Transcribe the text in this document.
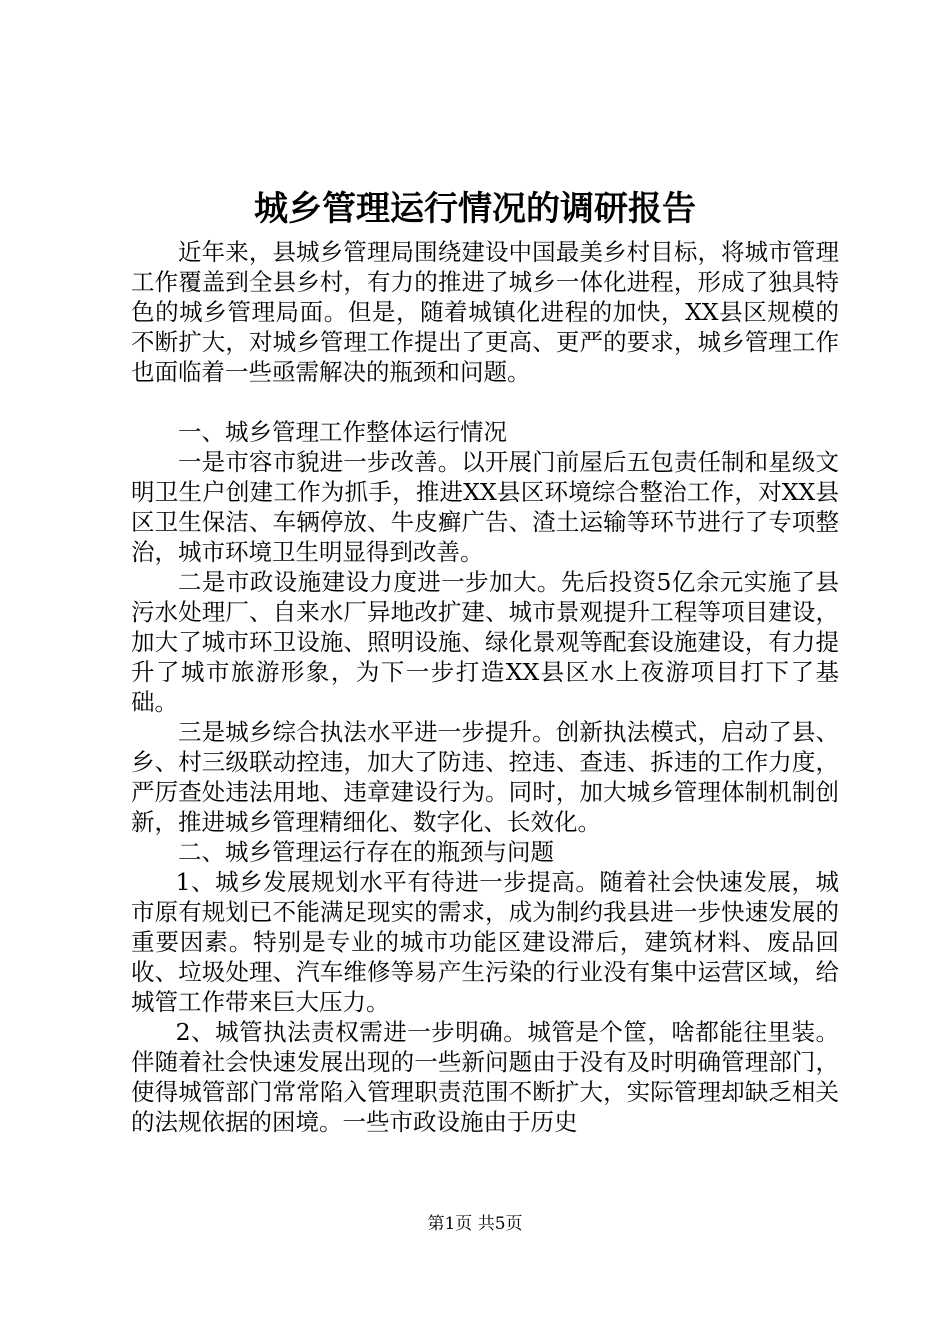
城乡管理运行情况的调研报告

近年来，县城乡管理局围绕建设中国最美乡村目标，将城市管理工作覆盖到全县乡村，有力的推进了城乡一体化进程，形成了独具特色的城乡管理局面。但是，随着城镇化进程的加快，XX县区规模的不断扩大，对城乡管理工作提出了更高、更严的要求，城乡管理工作也面临着一些亟需解决的瓶颈和问题。

一、城乡管理工作整体运行情况

一是市容市貌进一步改善。以开展门前屋后五包责任制和星级文明卫生户创建工作为抓手，推进XX县区环境综合整治工作，对XX县区卫生保洁、车辆停放、牛皮癣广告、渣土运输等环节进行了专项整治，城市环境卫生明显得到改善。

二是市政设施建设力度进一步加大。先后投资5亿余元实施了县污水处理厂、自来水厂异地改扩建、城市景观提升工程等项目建设，加大了城市环卫设施、照明设施、绿化景观等配套设施建设，有力提升了城市旅游形象，为下一步打造XX县区水上夜游项目打下了基础。

三是城乡综合执法水平进一步提升。创新执法模式，启动了县、乡、村三级联动控违，加大了防违、控违、查违、拆违的工作力度，严厉查处违法用地、违章建设行为。同时，加大城乡管理体制机制创新，推进城乡管理精细化、数字化、长效化。

二、城乡管理运行存在的瓶颈与问题

1、城乡发展规划水平有待进一步提高。随着社会快速发展，城市原有规划已不能满足现实的需求，成为制约我县进一步快速发展的重要因素。特别是专业的城市功能区建设滞后，建筑材料、废品回收、垃圾处理、汽车维修等易产生污染的行业没有集中运营区域，给城管工作带来巨大压力。

2、城管执法责权需进一步明确。城管是个筐，啥都能往里装。伴随着社会快速发展出现的一些新问题由于没有及时明确管理部门，使得城管部门常常陷入管理职责范围不断扩大，实际管理却缺乏相关的法规依据的困境。一些市政设施由于历史

第1页 共5页
